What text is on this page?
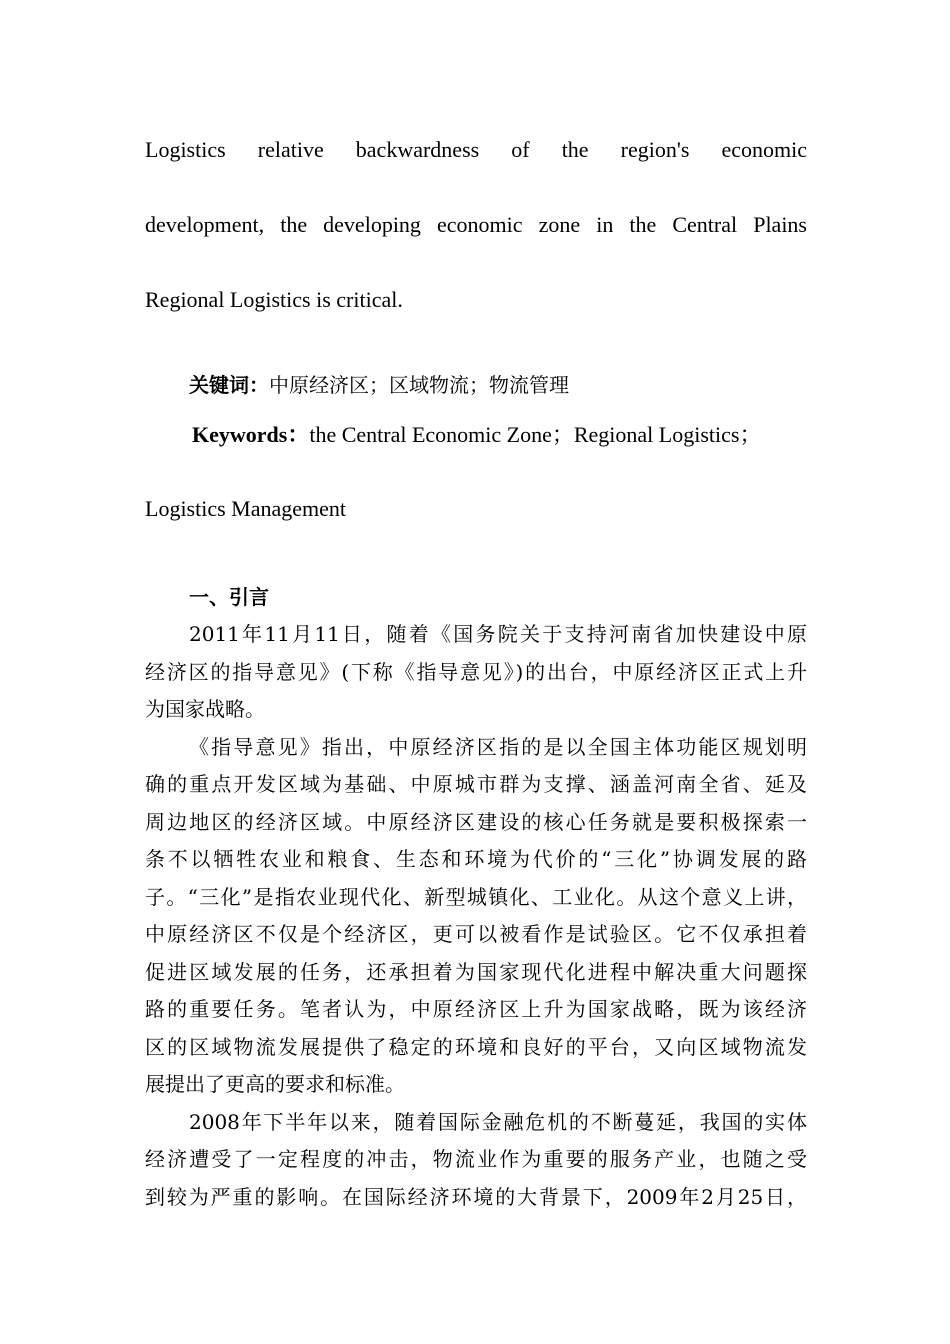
Logistics relative backwardness of the region's economic
development, the developing economic zone in the Central Plains
Regional Logistics is critical.
关键词：中原经济区；区域物流；物流管理
Keywords：the Central Economic Zone；Regional Logistics；
Logistics Management
一、引言
2011年11月11日，随着《国务院关于支持河南省加快建设中原
经济区的指导意见》(下称《指导意见》)的出台，中原经济区正式上升
为国家战略。
《指导意见》指出，中原经济区指的是以全国主体功能区规划明
确的重点开发区域为基础、中原城市群为支撑、涵盖河南全省、延及
周边地区的经济区域。中原经济区建设的核心任务就是要积极探索一
条不以牺牲农业和粮食、生态和环境为代价的“三化”协调发展的路
子。“三化”是指农业现代化、新型城镇化、工业化。从这个意义上讲，
中原经济区不仅是个经济区，更可以被看作是试验区。它不仅承担着
促进区域发展的任务，还承担着为国家现代化进程中解决重大问题探
路的重要任务。笔者认为，中原经济区上升为国家战略，既为该经济
区的区域物流发展提供了稳定的环境和良好的平台，又向区域物流发
展提出了更高的要求和标准。
2008年下半年以来，随着国际金融危机的不断蔓延，我国的实体
经济遭受了一定程度的冲击，物流业作为重要的服务产业，也随之受
到较为严重的影响。在国际经济环境的大背景下，2009年2月25日，
